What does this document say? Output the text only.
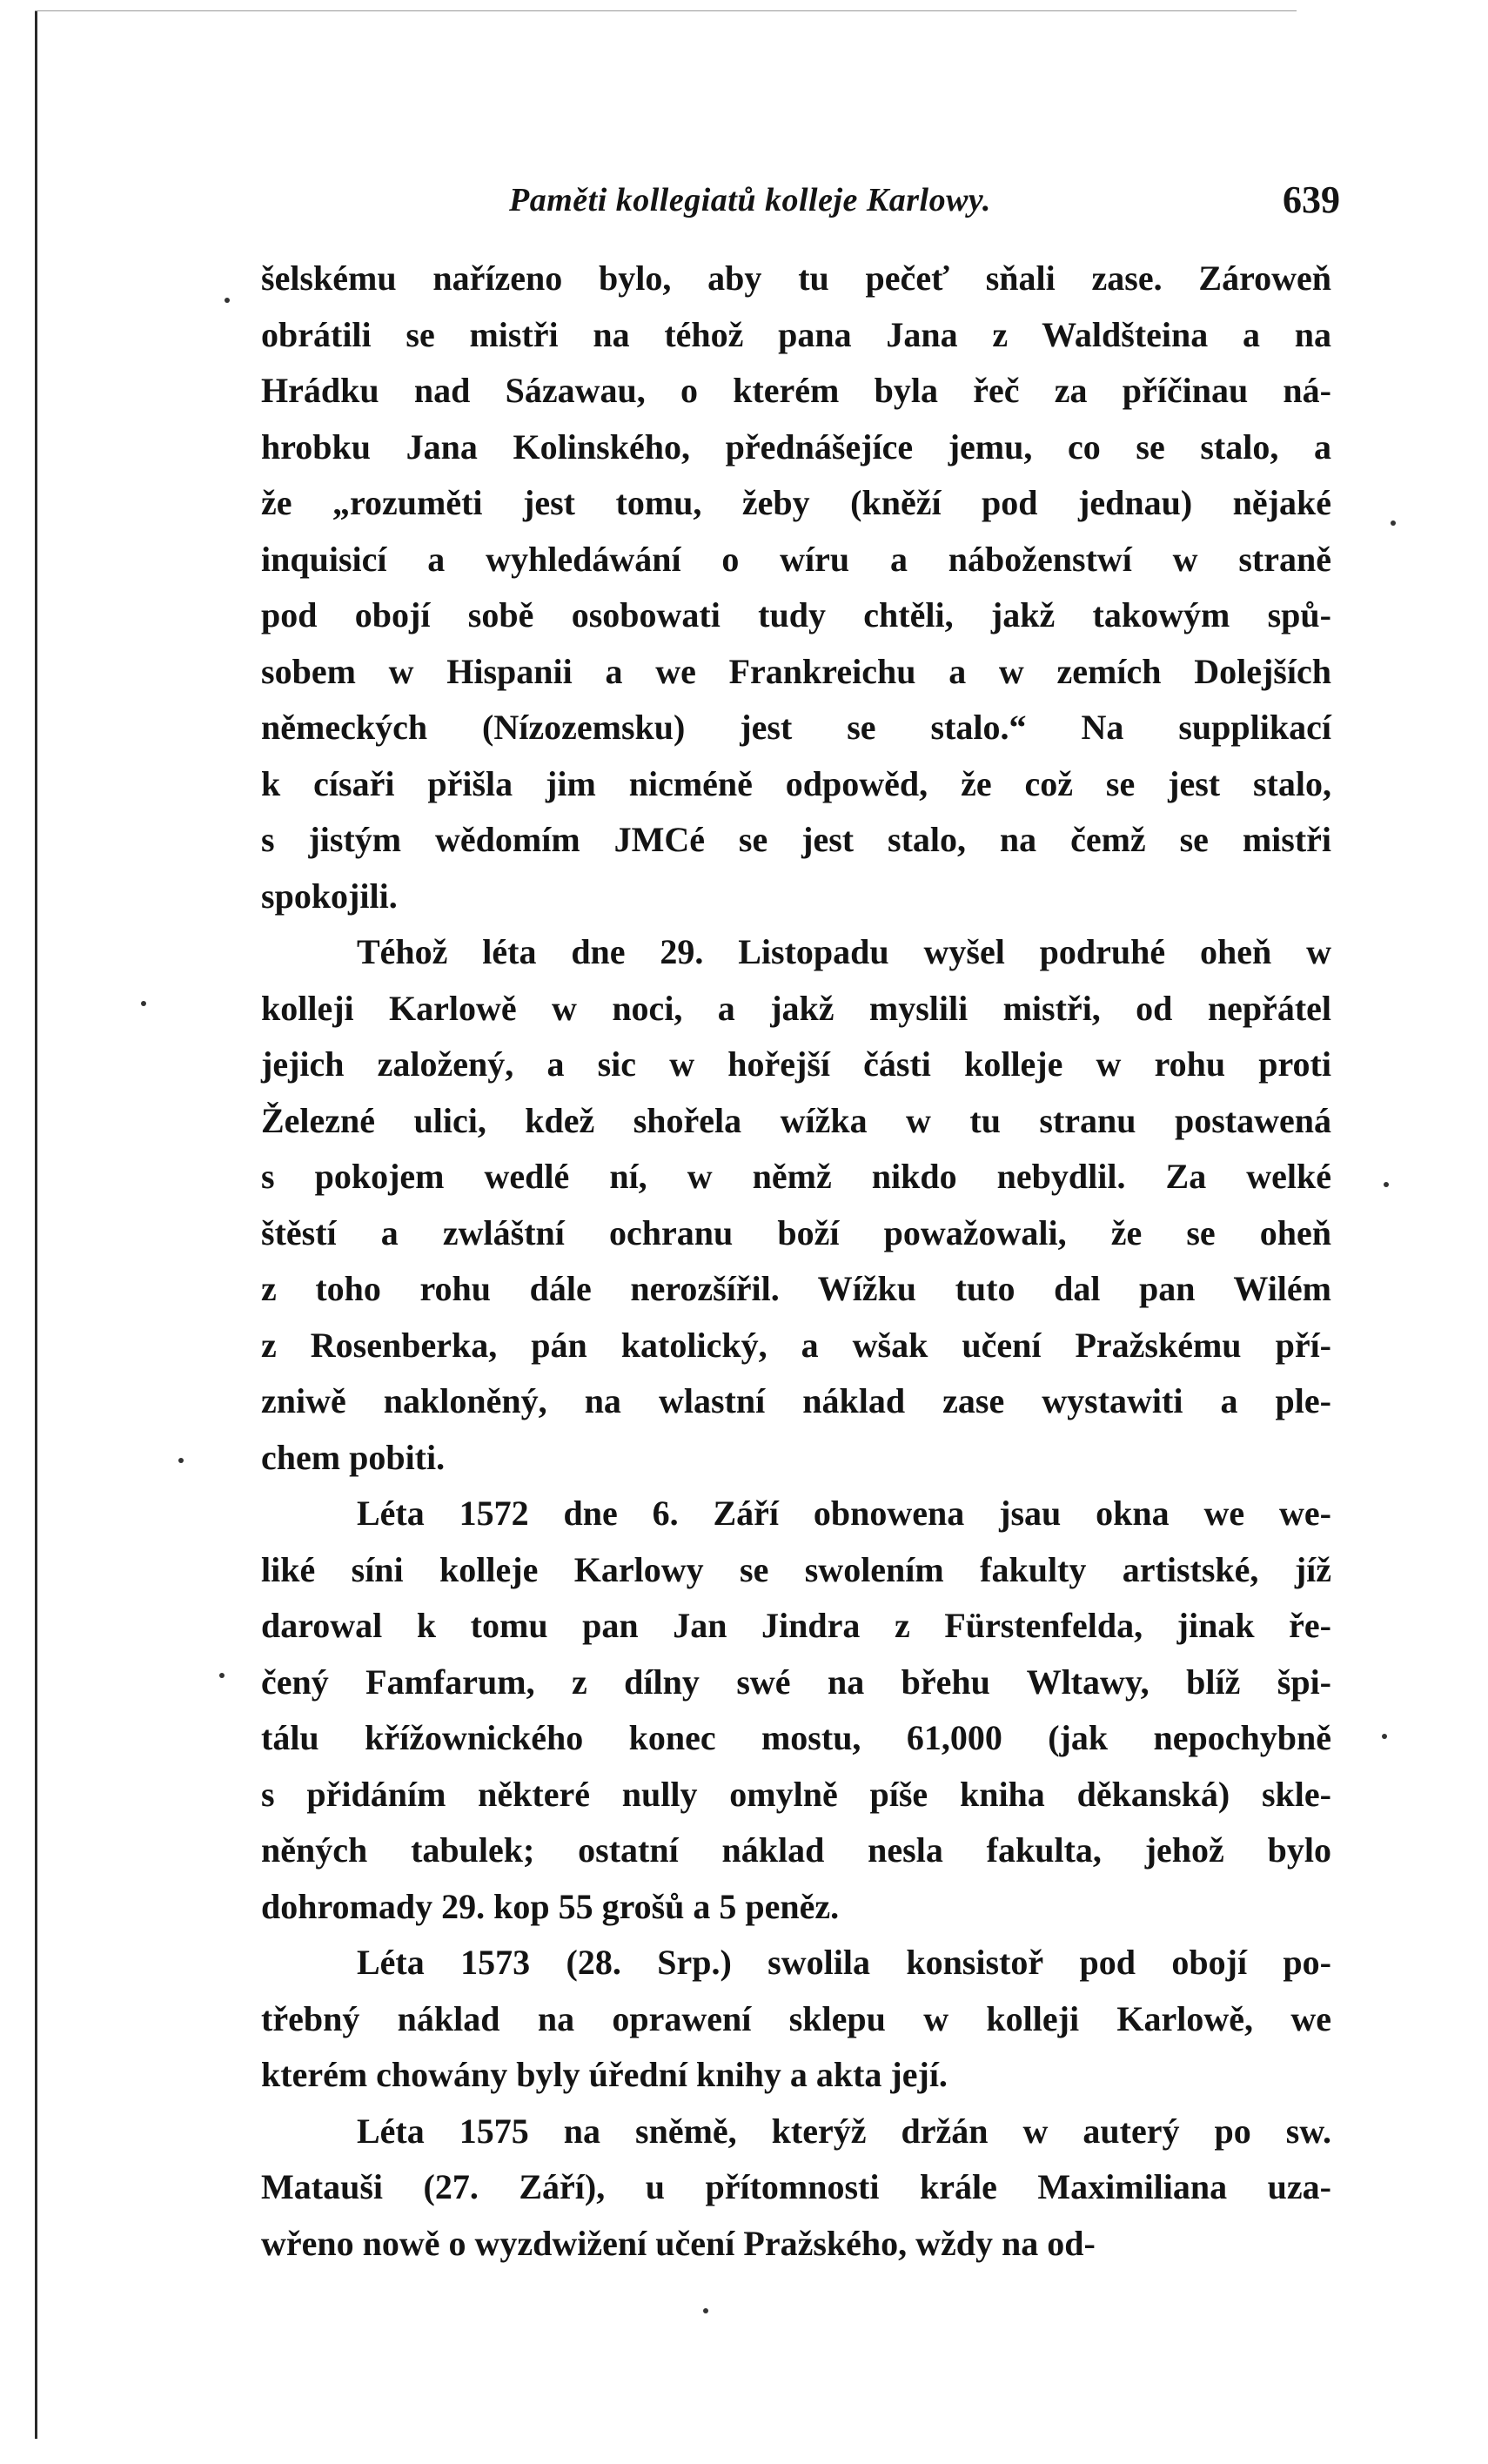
Paměti kollegiatů kolleje Karlowy.	639
šelskému nařízeno bylo, aby tu pečeť sňali zase. Zároweň
obrátili se mistři na téhož pana Jana z Waldšteina a na
Hrádku nad Sázawau, o kterém byla řeč za příčinau ná-
hrobku Jana Kolinského, přednášejíce jemu, co se stalo, a
že „rozuměti jest tomu, žeby (kněží pod jednau) nějaké
inquisicí a wyhledáwání o wíru a náboženstwí w straně
pod obojí sobě osobowati tudy chtěli, jakž takowým spů-
sobem w Hispanii a we Frankreichu a w zemích Dolejších
německých (Nízozemsku) jest se stalo.“ Na supplikací
k císaři přišla jim nicméně odpowěd, že což se jest stalo,
s jistým wědomím JMCé se jest stalo, na čemž se mistři
spokojili.
Téhož léta dne 29. Listopadu wyšel podruhé oheň w
kolleji Karlowě w noci, a jakž myslili mistři, od nepřátel
jejich založený, a sic w hořejší části kolleje w rohu proti
Železné ulici, kdež shořela wížka w tu stranu postawená
s pokojem wedlé ní, w němž nikdo nebydlil. Za welké
štěstí a zwláštní ochranu boží powažowali, že se oheň
z toho rohu dále nerozšířil. Wížku tuto dal pan Wilém
z Rosenberka, pán katolický, a wšak učení Pražskému pří-
zniwě nakloněný, na wlastní náklad zase wystawiti a ple-
chem pobiti.
Léta 1572 dne 6. Září obnowena jsau okna we we-
liké síni kolleje Karlowy se swolením fakulty artistské, jíž
darowal k tomu pan Jan Jindra z Fürstenfelda, jinak ře-
čený Famfarum, z dílny swé na břehu Wltawy, blíž špi-
tálu křížownického konec mostu, 61,000 (jak nepochybně
s přidáním některé nully omylně píše kniha děkanská) skle-
něných tabulek; ostatní náklad nesla fakulta, jehož bylo
dohromady 29. kop 55 grošů a 5 peněz.
Léta 1573 (28. Srp.) swolila konsistoř pod obojí po-
třebný náklad na oprawení sklepu w kolleji Karlowě, we
kterém chowány byly úřední knihy a akta její.
Léta 1575 na sněmě, kterýž držán w auterý po sw.
Matauši (27. Září), u přítomnosti krále Maximiliana uza-
wřeno nowě o wyzdwižení učení Pražského, wždy na od-
